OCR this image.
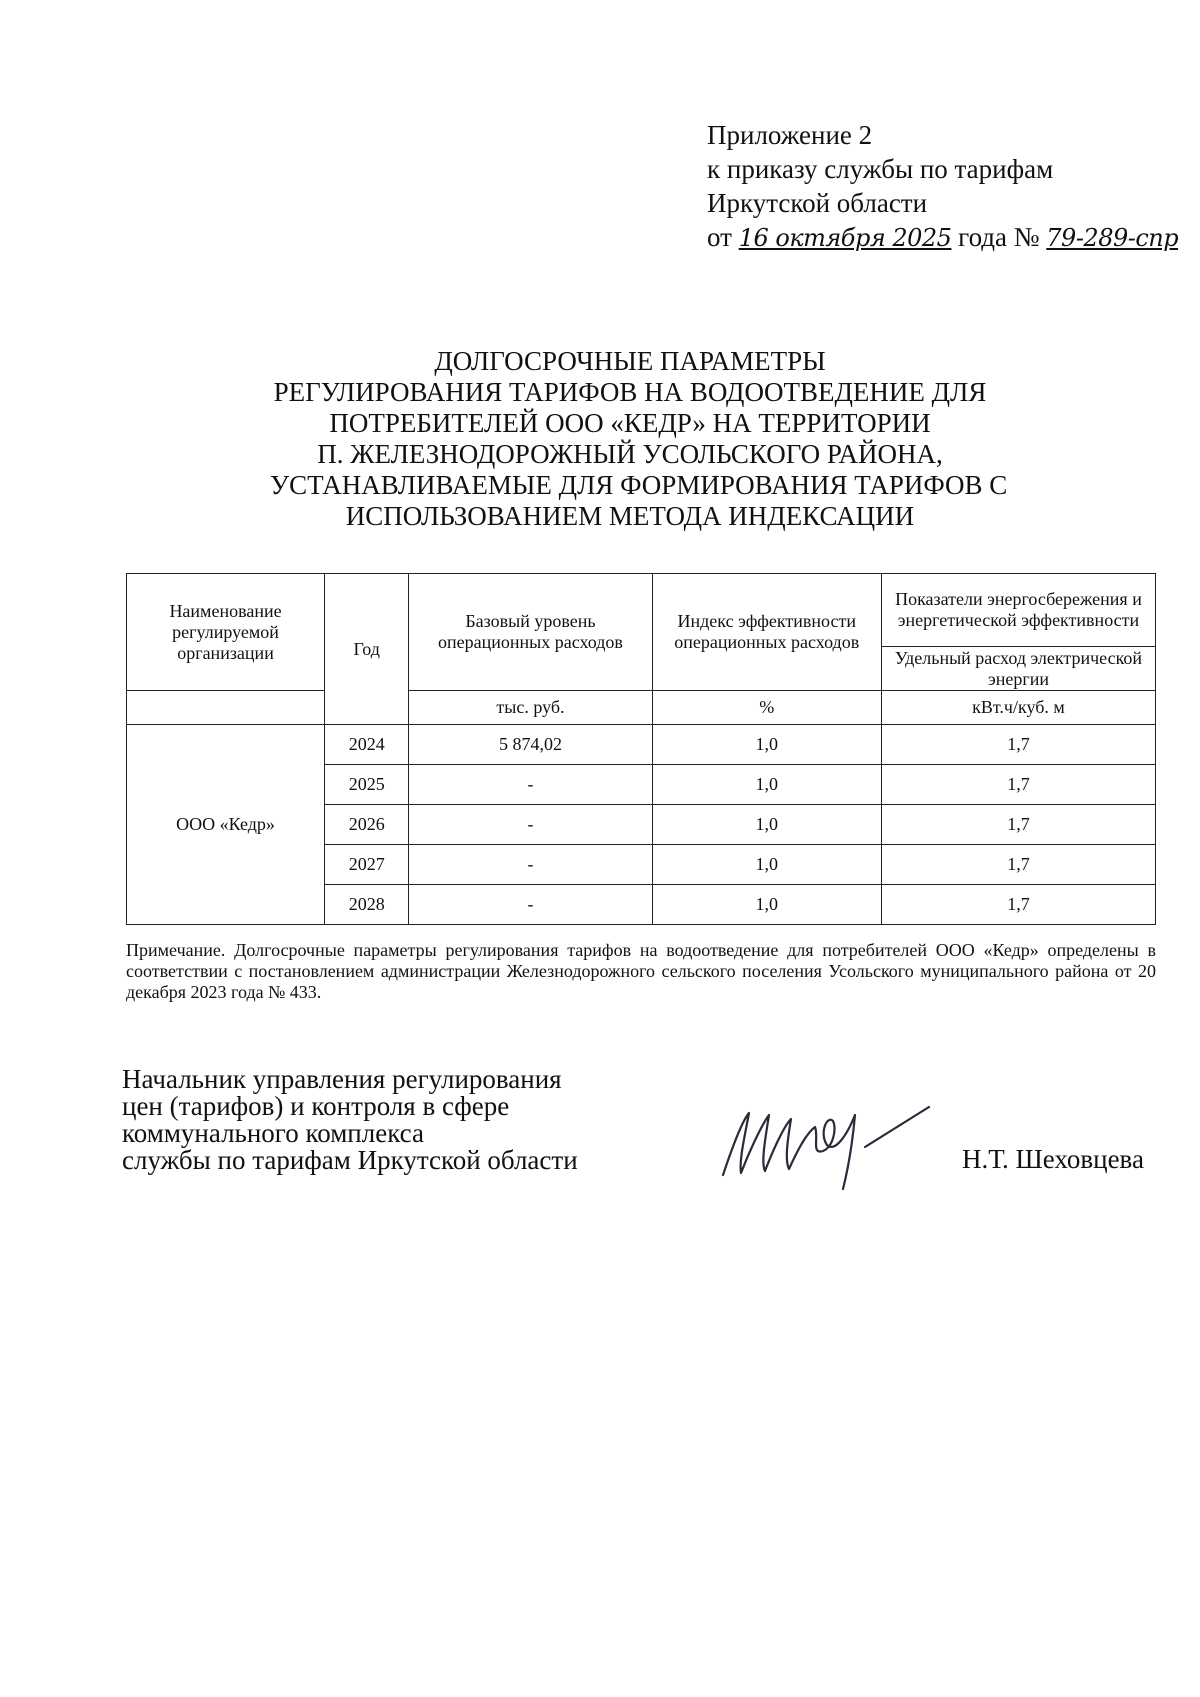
Приложение 2
к приказу службы по тарифам
Иркутской области
от 16 октября 2025 года № 79-289-спр
ДОЛГОСРОЧНЫЕ ПАРАМЕТРЫ
РЕГУЛИРОВАНИЯ ТАРИФОВ НА ВОДООТВЕДЕНИЕ ДЛЯ
ПОТРЕБИТЕЛЕЙ ООО «КЕДР» НА ТЕРРИТОРИИ
П. ЖЕЛЕЗНОДОРОЖНЫЙ УСОЛЬСКОГО РАЙОНА,
УСТАНАВЛИВАЕМЫЕ ДЛЯ ФОРМИРОВАНИЯ ТАРИФОВ С
ИСПОЛЬЗОВАНИЕМ МЕТОДА ИНДЕКСАЦИИ
Наименование регулируемой организации	Год	Базовый уровень операционных расходов	Индекс эффективности операционных расходов	Показатели энергосбережения и энергетической эффективности
				Удельный расход электрической энергии
		тыс. руб.	%	кВт.ч/куб. м
ООО «Кедр»	2024	5 874,02	1,0	1,7
	2025	-	1,0	1,7
	2026	-	1,0	1,7
	2027	-	1,0	1,7
	2028	-	1,0	1,7
Примечание. Долгосрочные параметры регулирования тарифов на водоотведение для потребителей ООО «Кедр» определены в соответствии с постановлением администрации Железнодорожного сельского поселения Усольского муниципального района от 20 декабря 2023 года № 433.
Начальник управления регулирования
цен (тарифов) и контроля в сфере
коммунального комплекса
службы по тарифам Иркутской области	Н.Т. Шеховцева
